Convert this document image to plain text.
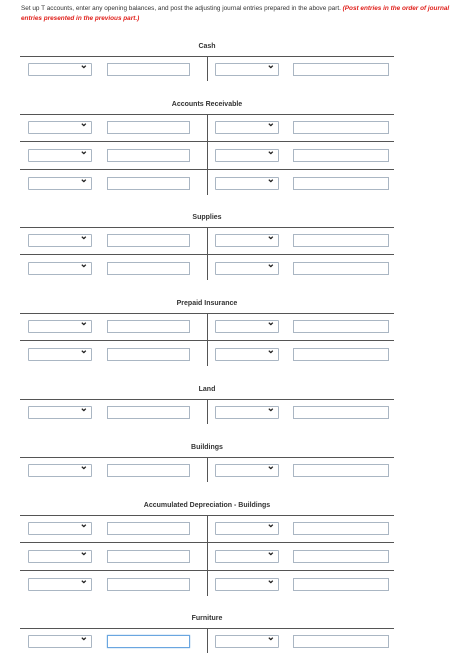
Set up T accounts, enter any opening balances, and post the adjusting journal entries prepared in the above part. (Post entries in the order of journal entries presented in the previous part.)
Cash
⌄	⌄
Accounts Receivable
⌄	⌄
⌄	⌄
⌄	⌄
Supplies
⌄	⌄
⌄	⌄
Prepaid Insurance
⌄	⌄
⌄	⌄
Land
⌄	⌄
Buildings
⌄	⌄
Accumulated Depreciation - Buildings
⌄	⌄
⌄	⌄
⌄	⌄
Furniture
⌄	⌄
